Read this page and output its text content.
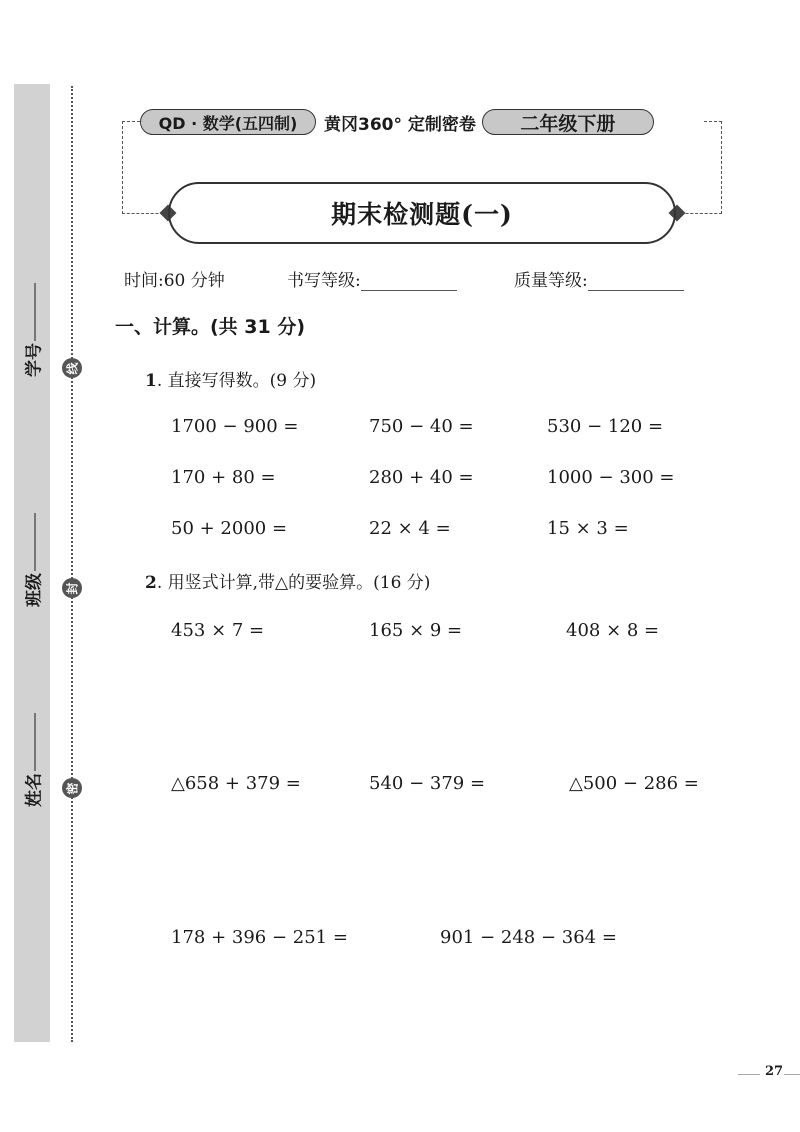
学号
班级
姓名
线
封
密
QD · 数学(五四制)	黄冈360° 定制密卷	二年级下册
期末检测题(一)
时间:60 分钟	书写等级:	质量等级:
一、计算。(共 31 分)
1. 直接写得数。(9 分)
1700 − 900 =	750 − 40 =	530 − 120 =
170 + 80 =	280 + 40 =	1000 − 300 =
50 + 2000 =	22 × 4 =	15 × 3 =
2. 用竖式计算,带△的要验算。(16 分)
453 × 7 =	165 × 9 =	408 × 8 =
△658 + 379 =	540 − 379 =	△500 − 286 =
178 + 396 − 251 =	901 − 248 − 364 =
27
